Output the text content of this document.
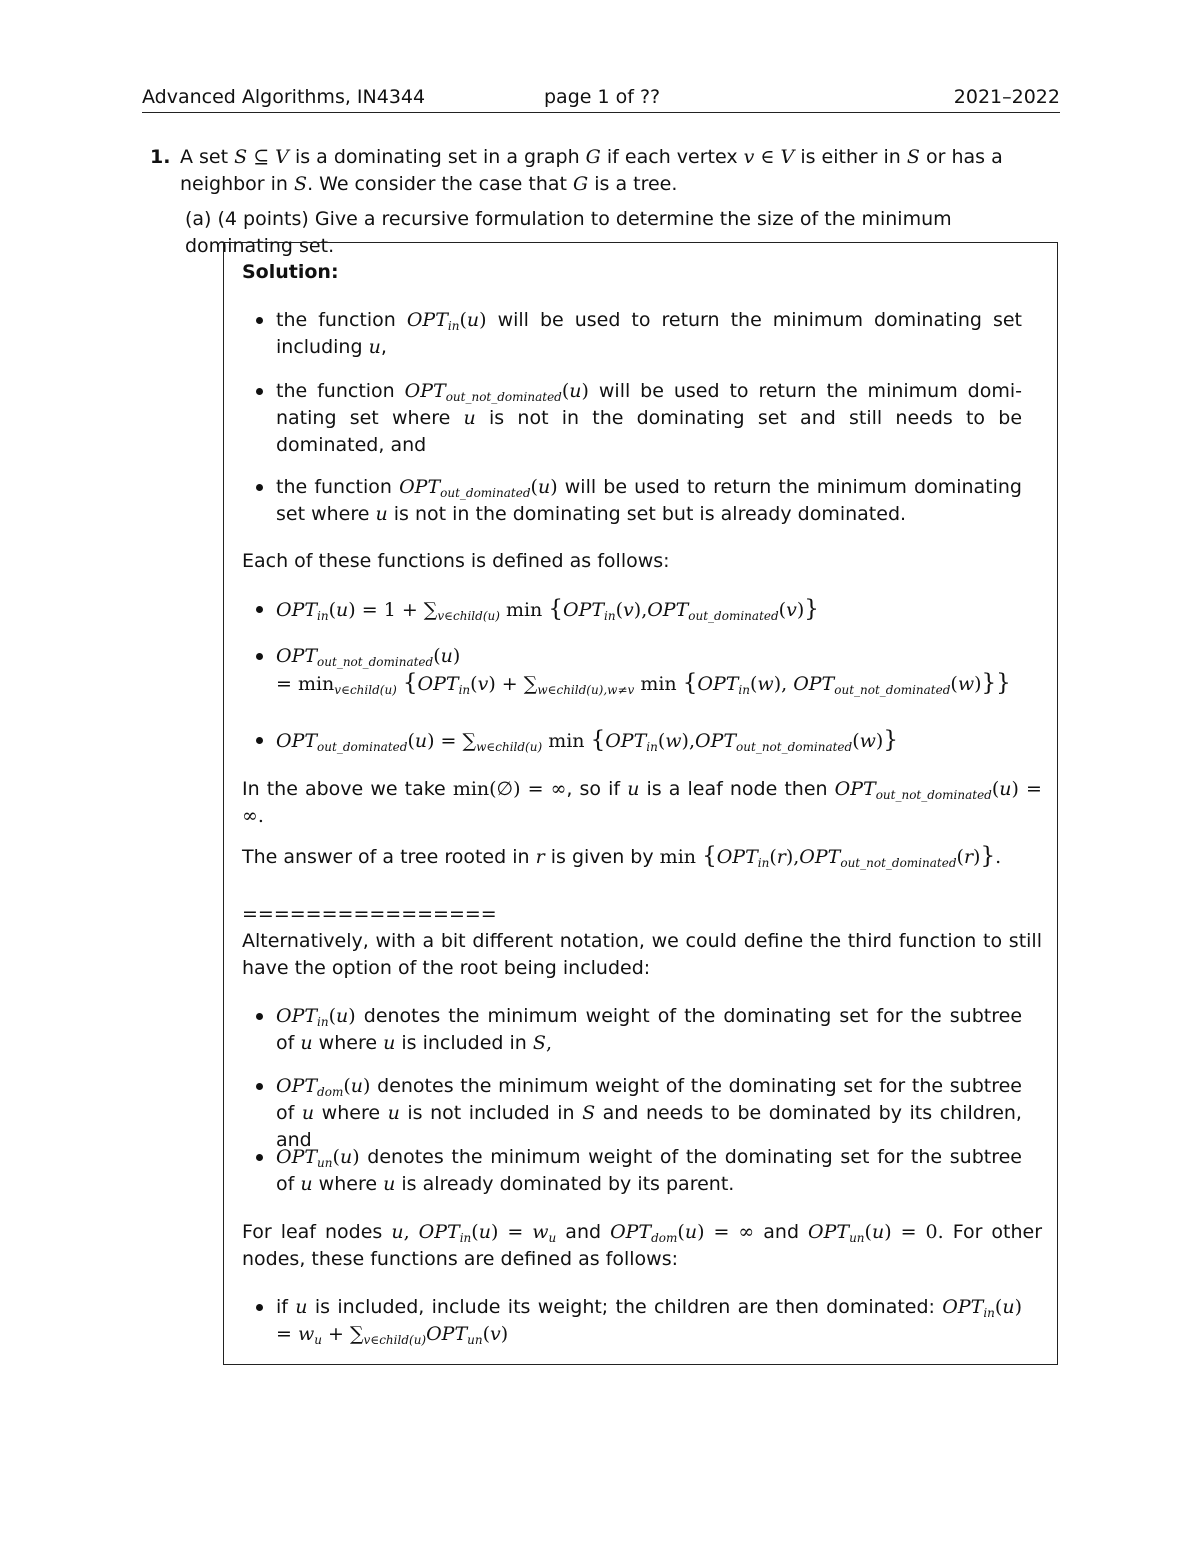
Advanced Algorithms, IN4344	page 1 of ??	2021–2022
1. A set S ⊆ V is a dominating set in a graph G if each vertex v ∈ V is either in S or has a neighbor in S. We consider the case that G is a tree.
(a) (4 points) Give a recursive formulation to determine the size of the minimum dominating set.
Solution:
the function $OPT_{in}(u)$ will be used to return the minimum dominating set including u,
the function $OPT_{out\_not\_dominated}(u)$ will be used to return the minimum domi- nating set where u is not in the dominating set and still needs to be dominated, and
the function $OPT_{out\_dominated}(u)$ will be used to return the minimum dominating set where u is not in the dominating set but is already dominated.
Each of these functions is defined as follows:
$OPT_{in}(u) = 1 + \sum_{v\in child(u)}$ $\min \{OPT_{in}(v),OPT_{out\_dominated}(v)\}$
$OPT_{out\_not\_dominated}(u)$
= $\min_{v\in child(u)} \{OPT_{in}(v) + \sum_{w\in child(u),w\ne v}$ $\min \{OPT_{in}(w)$, $OPT_{out\_not\_dominated}(w)$}}
$OPT_{out\_dominated}(u) = \sum_{w\in child(u)}$ $\min \{OPT_{in}(w),OPT_{out\_not\_dominated}(w)\}$
In the above we take min(∅) = ∞, so if u is a leaf node then $OPT_{out\_not\_dominated}(u)$ = ∞.
The answer of a tree rooted in r is given by $\min \{OPT_{in}(r),OPT_{out\_not\_dominated}(r)\}$.
================
Alternatively, with a bit different notation, we could define the third function to still have the option of the root being included:
$OPT_{in}(u)$ denotes the minimum weight of the dominating set for the subtree of u where u is included in S,
$OPT_{dom}(u)$ denotes the minimum weight of the dominating set for the subtree of u where u is not included in S and needs to be dominated by its children, and
$OPT_{un}(u)$ denotes the minimum weight of the dominating set for the subtree of u where u is already dominated by its parent.
For leaf nodes u, $OPT_{in}(u) = w_u$ and $OPT_{dom}(u)$ = ∞ and $OPT_{un}(u) = 0$. For other nodes, these functions are defined as follows:
if u is included, include its weight; the children are then dominated: $OPT_{in}(u) = w_u + \sum_{v\in child(u)}OPT_{un}(v)$
